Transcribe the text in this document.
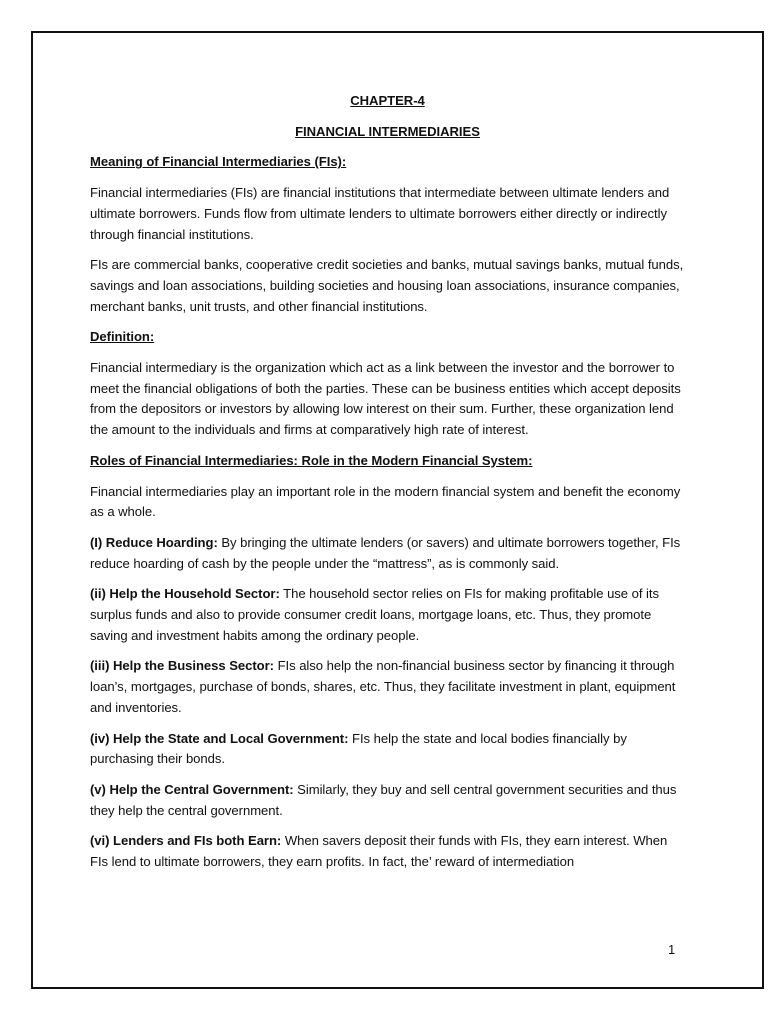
CHAPTER-4

FINANCIAL INTERMEDIARIES

Meaning of Financial Intermediaries (FIs):

Financial intermediaries (FIs) are financial institutions that intermediate between ultimate lenders and ultimate borrowers. Funds flow from ultimate lenders to ultimate borrowers either directly or indirectly through financial institutions.

FIs are commercial banks, cooperative credit societies and banks, mutual savings banks, mutual funds, savings and loan associations, building societies and housing loan associations, insurance companies, merchant banks, unit trusts, and other financial institutions.

Definition:

Financial intermediary is the organization which act as a link between the investor and the borrower to meet the financial obligations of both the parties. These can be business entities which accept deposits from the depositors or investors by allowing low interest on their sum. Further, these organization lend the amount to the individuals and firms at comparatively high rate of interest.

Roles of Financial Intermediaries: Role in the Modern Financial System:

Financial intermediaries play an important role in the modern financial system and benefit the economy as a whole.

(I) Reduce Hoarding: By bringing the ultimate lenders (or savers) and ultimate borrowers together, FIs reduce hoarding of cash by the people under the “mattress”, as is commonly said.

(ii) Help the Household Sector: The household sector relies on FIs for making profitable use of its surplus funds and also to provide consumer credit loans, mortgage loans, etc. Thus, they promote saving and investment habits among the ordinary people.

(iii) Help the Business Sector: FIs also help the non-financial business sector by financing it through loan’s, mortgages, purchase of bonds, shares, etc. Thus, they facilitate investment in plant, equipment and inventories.

(iv) Help the State and Local Government: FIs help the state and local bodies financially by purchasing their bonds.

(v) Help the Central Government: Similarly, they buy and sell central government securities and thus they help the central government.

(vi) Lenders and FIs both Earn: When savers deposit their funds with FIs, they earn interest. When FIs lend to ultimate borrowers, they earn profits. In fact, the’ reward of intermediation

1
